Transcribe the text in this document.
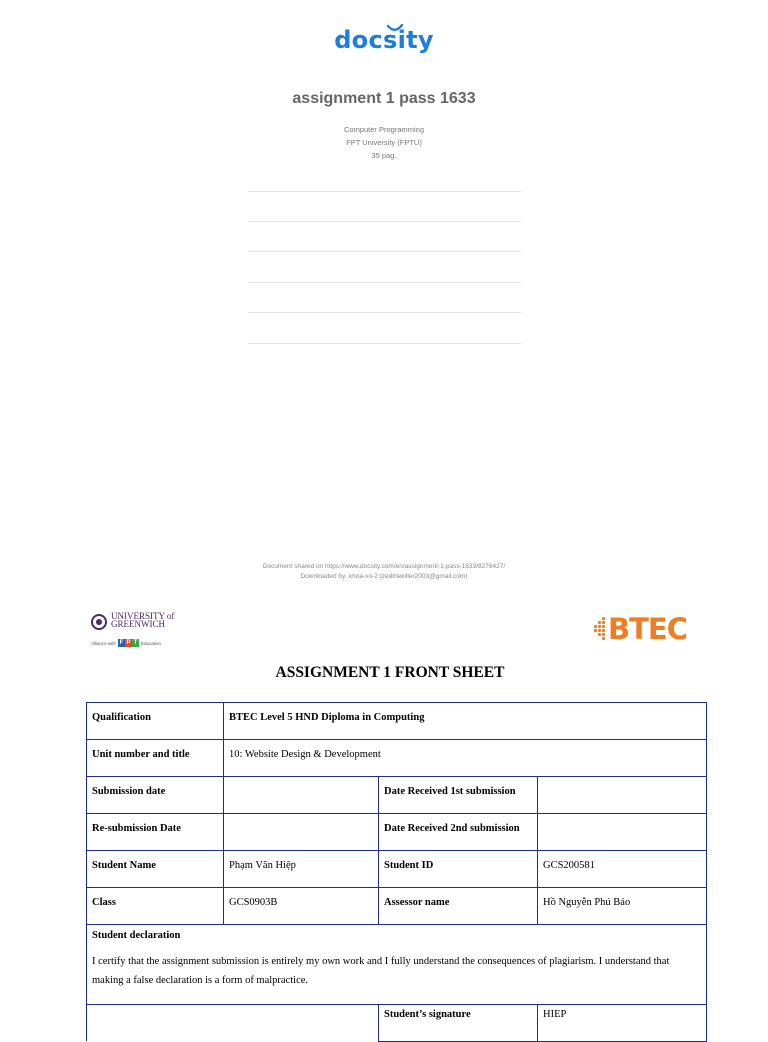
docsity
assignment 1 pass 1633
Computer Programming
FPT University (FPTU)
35 pag.
Document shared on https://www.docsity.com/en/assignment-1-pass-1633/8276427/
Downloaded by: khoa-vo-2 (zedthekiller2003@gmail.com)
UNIVERSITY of
GREENWICH
Alliance with F P T Education	BTEC
ASSIGNMENT 1 FRONT SHEET
Qualification	BTEC Level 5 HND Diploma in Computing		
Unit number and title	10: Website Design & Development		
Submission date		Date Received 1st submission	
Re-submission Date		Date Received 2nd submission	
Student Name	Phạm Văn Hiệp	Student ID	GCS200581
Class	GCS0903B	Assessor name	Hồ Nguyễn Phú Bảo

Student declaration
I certify that the assignment submission is entirely my own work and I fully understand the consequences of plagiarism. I understand that making a false declaration is a form of malpractice.			

		Student’s signature	HIEP
